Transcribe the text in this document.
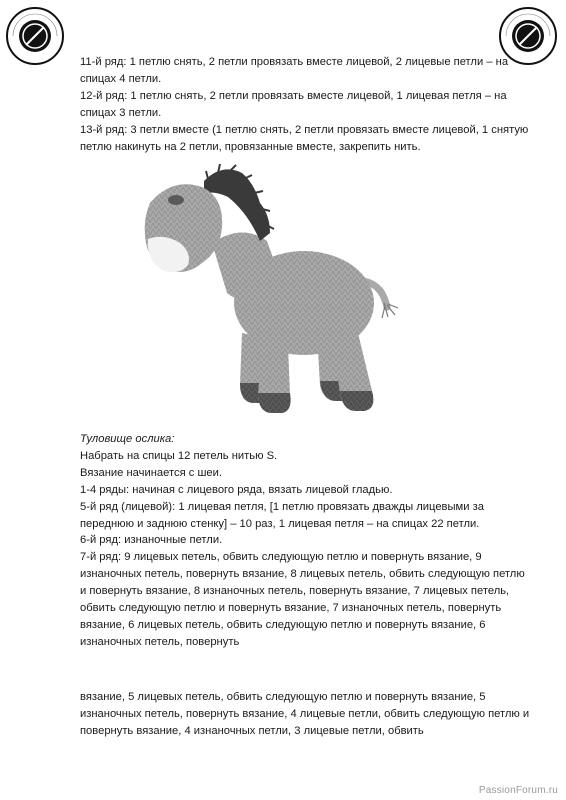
11-й ряд: 1 петлю снять, 2 петли провязать вместе лицевой, 2 лицевые петли – на спицах 4 петли.

12-й ряд: 1 петлю снять, 2 петли провязать вместе лицевой, 1 лицевая петля – на спицах 3 петли.

13-й ряд: 3 петли вместе (1 петлю снять, 2 петли провязать вместе лицевой, 1 снятую петлю накинуть на 2 петли, провязанные вместе, закрепить нить.

Туловище ослика:

Набрать на спицы 12 петель нитью S.

Вязание начинается с шеи.

1-4 ряды: начиная с лицевого ряда, вязать лицевой гладью.

5-й ряд (лицевой): 1 лицевая петля, [1 петлю провязать дважды лицевыми за переднюю и заднюю стенку] – 10 раз, 1 лицевая петля – на спицах 22 петли.

6-й ряд: изнаночные петли.

7-й ряд: 9 лицевых петель, обвить следующую петлю и повернуть вязание, 9 изнаночных петель, повернуть вязание, 8 лицевых петель, обвить следующую петлю и повернуть вязание, 8 изнаночных петель, повернуть вязание, 7 лицевых петель, обвить следующую петлю и повернуть вязание, 7 изнаночных петель, повернуть вязание, 6 лицевых петель, обвить следующую петлю и повернуть вязание, 6 изнаночных петель, повернуть

вязание, 5 лицевых петель, обвить следующую петлю и повернуть вязание, 5 изнаночных петель, повернуть вязание, 4 лицевые петли, обвить следующую петлю и повернуть вязание, 4 изнаночных петли, 3 лицевые петли, обвить

PassionForum.ru
